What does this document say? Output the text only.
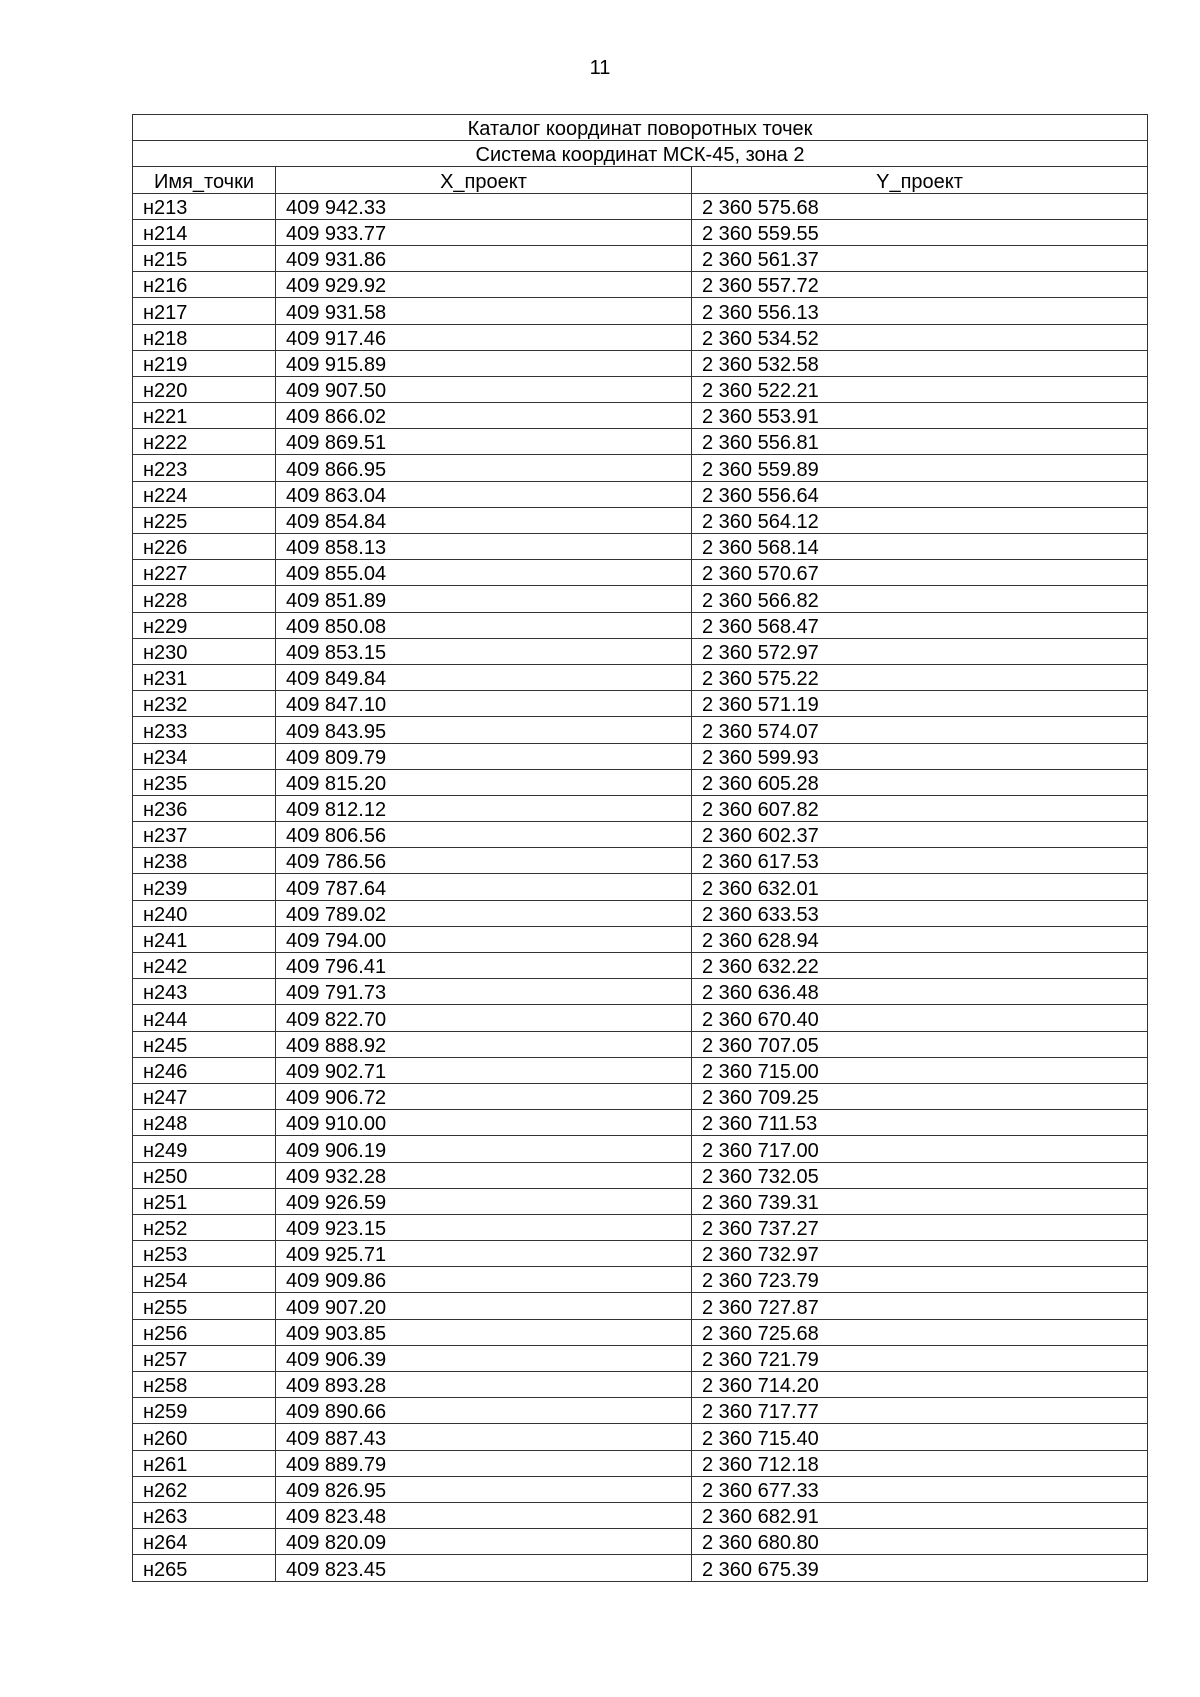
11
Каталог координат поворотных точек		
Система координат МСК-45, зона 2		
Имя_точки	X_проект	Y_проект
н213	409 942.33	2 360 575.68
н214	409 933.77	2 360 559.55
н215	409 931.86	2 360 561.37
н216	409 929.92	2 360 557.72
н217	409 931.58	2 360 556.13
н218	409 917.46	2 360 534.52
н219	409 915.89	2 360 532.58
н220	409 907.50	2 360 522.21
н221	409 866.02	2 360 553.91
н222	409 869.51	2 360 556.81
н223	409 866.95	2 360 559.89
н224	409 863.04	2 360 556.64
н225	409 854.84	2 360 564.12
н226	409 858.13	2 360 568.14
н227	409 855.04	2 360 570.67
н228	409 851.89	2 360 566.82
н229	409 850.08	2 360 568.47
н230	409 853.15	2 360 572.97
н231	409 849.84	2 360 575.22
н232	409 847.10	2 360 571.19
н233	409 843.95	2 360 574.07
н234	409 809.79	2 360 599.93
н235	409 815.20	2 360 605.28
н236	409 812.12	2 360 607.82
н237	409 806.56	2 360 602.37
н238	409 786.56	2 360 617.53
н239	409 787.64	2 360 632.01
н240	409 789.02	2 360 633.53
н241	409 794.00	2 360 628.94
н242	409 796.41	2 360 632.22
н243	409 791.73	2 360 636.48
н244	409 822.70	2 360 670.40
н245	409 888.92	2 360 707.05
н246	409 902.71	2 360 715.00
н247	409 906.72	2 360 709.25
н248	409 910.00	2 360 711.53
н249	409 906.19	2 360 717.00
н250	409 932.28	2 360 732.05
н251	409 926.59	2 360 739.31
н252	409 923.15	2 360 737.27
н253	409 925.71	2 360 732.97
н254	409 909.86	2 360 723.79
н255	409 907.20	2 360 727.87
н256	409 903.85	2 360 725.68
н257	409 906.39	2 360 721.79
н258	409 893.28	2 360 714.20
н259	409 890.66	2 360 717.77
н260	409 887.43	2 360 715.40
н261	409 889.79	2 360 712.18
н262	409 826.95	2 360 677.33
н263	409 823.48	2 360 682.91
н264	409 820.09	2 360 680.80
н265	409 823.45	2 360 675.39
